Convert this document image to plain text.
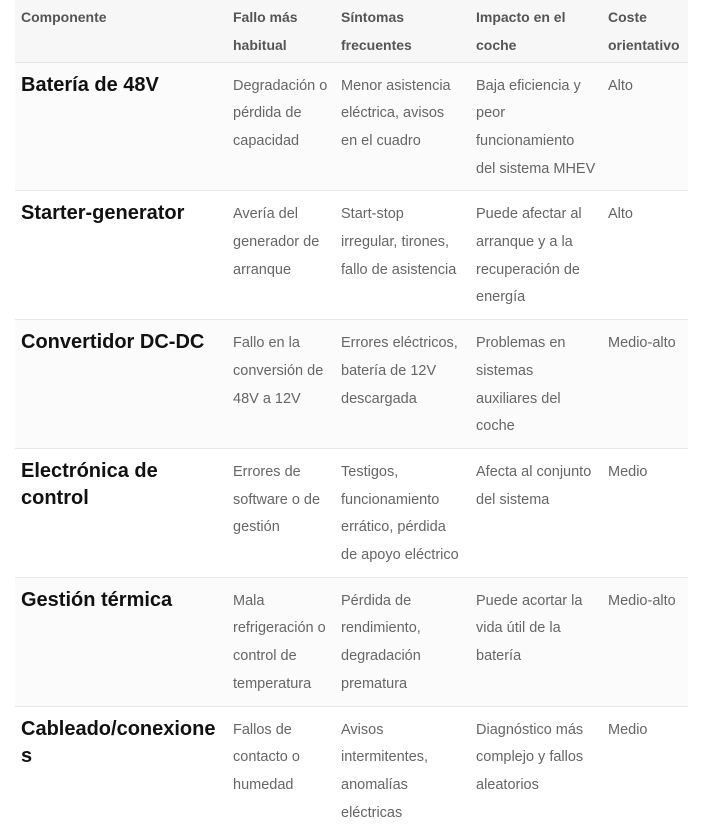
Componente	Fallo más habitual	Síntomas frecuentes	Impacto en el coche	Coste orientativo
Batería de 48V	Degradación o pérdida de capacidad	Menor asistencia eléctrica, avisos en el cuadro	Baja eficiencia y peor funcionamiento del sistema MHEV	Alto
Starter-generator	Avería del generador de arranque	Start-stop irregular, tirones, fallo de asistencia	Puede afectar al arranque y a la recuperación de energía	Alto
Convertidor DC-DC	Fallo en la conversión de 48V a 12V	Errores eléctricos, batería de 12V descargada	Problemas en sistemas auxiliares del coche	Medio-alto
Electrónica de control	Errores de software o de gestión	Testigos, funcionamiento errático, pérdida de apoyo eléctrico	Afecta al conjunto del sistema	Medio
Gestión térmica	Mala refrigeración o control de temperatura	Pérdida de rendimiento, degradación prematura	Puede acortar la vida útil de la batería	Medio-alto
Cableado/conexiones	Fallos de contacto o humedad	Avisos intermitentes, anomalías eléctricas	Diagnóstico más complejo y fallos aleatorios	Medio
